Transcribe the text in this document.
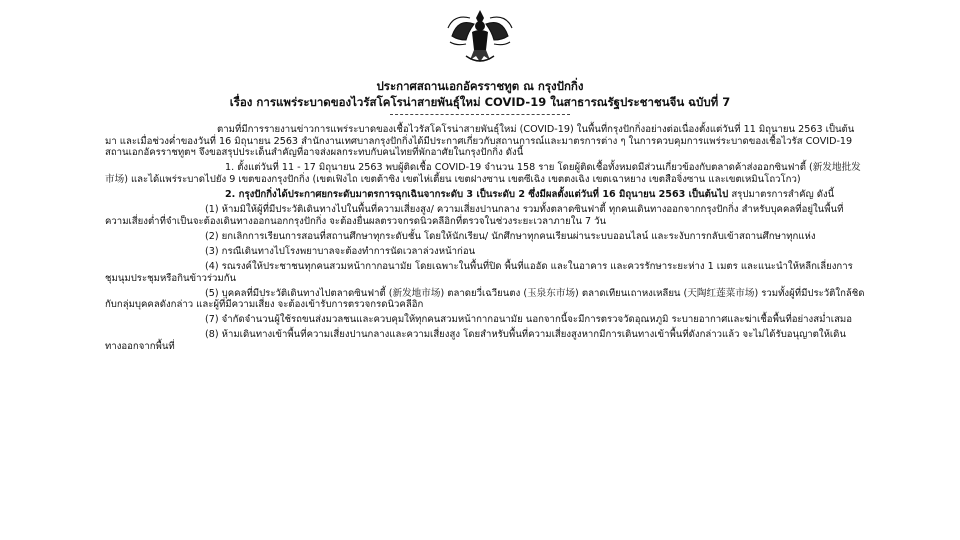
ประกาศสถานเอกอัครราชทูต ณ กรุงปักกิ่ง
เรื่อง การแพร่ระบาดของไวรัสโคโรน่าสายพันธุ์ใหม่ COVID-19 ในสาธารณรัฐประชาชนจีน ฉบับที่ 7

ตามที่มีการรายงานข่าวการแพร่ระบาดของเชื้อไวรัสโคโรน่าสายพันธุ์ใหม่ (COVID-19) ในพื้นที่กรุงปักกิ่งอย่างต่อเนื่องตั้งแต่วันที่ 11 มิถุนายน 2563 เป็นต้นมา และเมื่อช่วงค่ำของวันที่ 16 มิถุนายน 2563 สำนักงานเทศบาลกรุงปักกิ่งได้มีประกาศเกี่ยวกับสถานการณ์และมาตรการต่าง ๆ ในการควบคุมการแพร่ระบาดของเชื้อไวรัส COVID-19 สถานเอกอัครราชทูตฯ จึงขอสรุปประเด็นสำคัญที่อาจส่งผลกระทบกับคนไทยที่พักอาศัยในกรุงปักกิ่ง ดังนี้

1. ตั้งแต่วันที่ 11 - 17 มิถุนายน 2563 พบผู้ติดเชื้อ COVID-19 จำนวน 158 ราย โดยผู้ติดเชื้อทั้งหมดมีส่วนเกี่ยวข้องกับตลาดค้าส่งออกซินฟาตี้ (新发地批发市场) และได้แพร่ระบาดไปยัง 9 เขตของกรุงปักกิ่ง (เขตเฟิงไถ เขตต้าซิง เขตไห่เตี้ยน เขตฝางซาน เขตซีเฉิง เขตตงเฉิง เขตเฉาหยาง เขตสือจิ่งซาน และเขตเหมินโถวโกว)

2. กรุงปักกิ่งได้ประกาศยกระดับมาตรการฉุกเฉินจากระดับ 3 เป็นระดับ 2 ซึ่งมีผลตั้งแต่วันที่ 16 มิถุนายน 2563 เป็นต้นไป สรุปมาตรการสำคัญ ดังนี้

(1) ห้ามมิให้ผู้ที่มีประวัติเดินทางไปในพื้นที่ความเสี่ยงสูง/ ความเสี่ยงปานกลาง รวมทั้งตลาดซินฟาตี้ ทุกคนเดินทางออกจากกรุงปักกิ่ง สำหรับบุคคลที่อยู่ในพื้นที่ความเสี่ยงต่ำที่จำเป็นจะต้องเดินทางออกนอกกรุงปักกิ่ง จะต้องยื่นผลตรวจกรดนิวคลีอิกที่ตรวจในช่วงระยะเวลาภายใน 7 วัน

(2) ยกเลิกการเรียนการสอนที่สถานศึกษาทุกระดับชั้น โดยให้นักเรียน/ นักศึกษาทุกคนเรียนผ่านระบบออนไลน์ และระงับการกลับเข้าสถานศึกษาทุกแห่ง

(3) กรณีเดินทางไปโรงพยาบาลจะต้องทำการนัดเวลาล่วงหน้าก่อน

(4) รณรงค์ให้ประชาชนทุกคนสวมหน้ากากอนามัย โดยเฉพาะในพื้นที่ปิด พื้นที่แออัด และในอาคาร และควรรักษาระยะห่าง 1 เมตร และแนะนำให้หลีกเลี่ยงการชุมนุมประชุมหรือกินข้าวร่วมกัน

(5) บุคคลที่มีประวัติเดินทางไปตลาดซินฟาตี้ (新发地市场) ตลาดยวี่เฉวียนตง (玉泉东市场) ตลาดเทียนเถาหงเหลียน (天陶红莲菜市场) รวมทั้งผู้ที่มีประวัติใกล้ชิดกับกลุ่มบุคคลดังกล่าว และผู้ที่มีความเสี่ยง จะต้องเข้ารับการตรวจกรดนิวคลีอิก

(7) จำกัดจำนวนผู้ใช้รถขนส่งมวลชนและควบคุมให้ทุกคนสวมหน้ากากอนามัย นอกจากนี้จะมีการตรวจวัดอุณหภูมิ ระบายอากาศและฆ่าเชื้อพื้นที่อย่างสม่ำเสมอ

(8) ห้ามเดินทางเข้าพื้นที่ความเสี่ยงปานกลางและความเสี่ยงสูง โดยสำหรับพื้นที่ความเสี่ยงสูงหากมีการเดินทางเข้าพื้นที่ดังกล่าวแล้ว จะไม่ได้รับอนุญาตให้เดินทางออกจากพื้นที่
